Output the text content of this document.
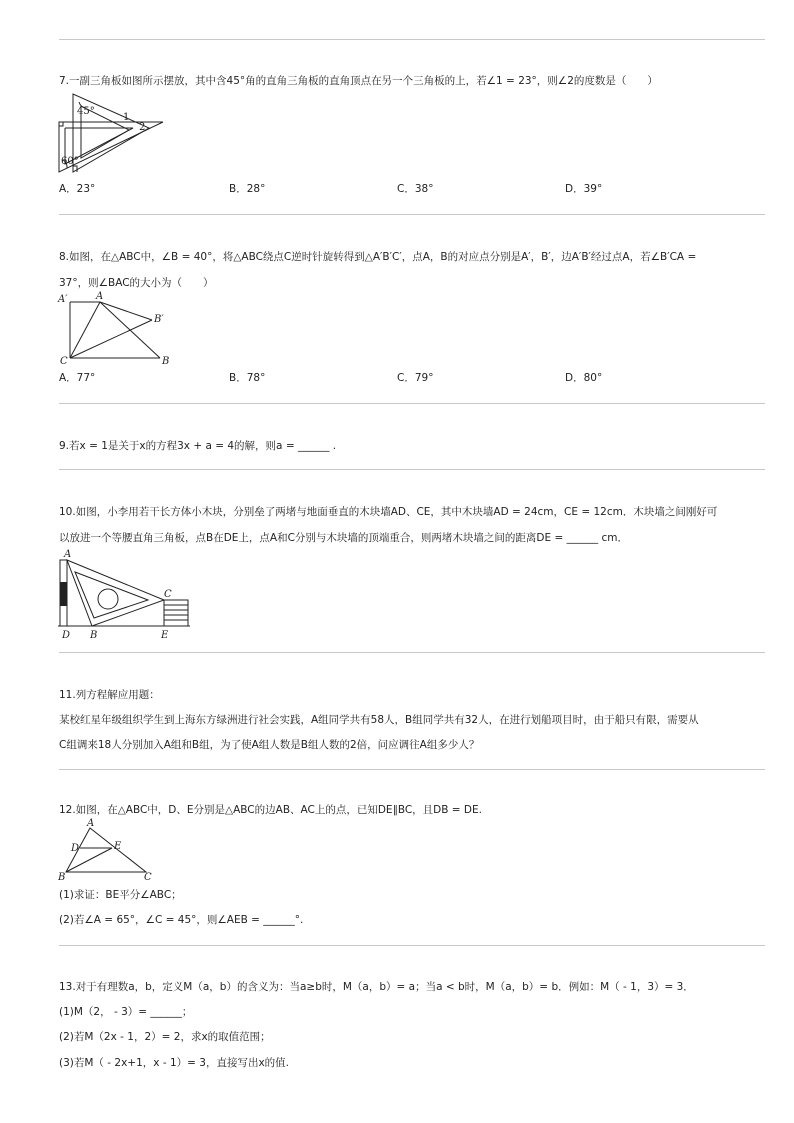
7.一副三角板如图所示摆放，其中含45°角的直角三角板的直角顶点在另一个三角板的上，若∠1 = 23°，则∠2的度数是（　　）
45°
60°
1
2
A．23°	B．28°	C．38°	D．39°
8.如图，在△ABC中，∠B = 40°，将△ABC绕点C逆时针旋转得到△A′B′C′，点A，B的对应点分别是A′，B′，边A′B′经过点A，若∠B′CA =
37°，则∠BAC的大小为（　　）
A′	A
B′
C	B
A．77°	B．78°	C．79°	D．80°
9.若x = 1是关于x的方程3x + a = 4的解，则a = ______ .
10.如图，小李用若干长方体小木块，分别垒了两堵与地面垂直的木块墙AD、CE，其中木块墙AD = 24cm，CE = 12cm．木块墙之间刚好可
以放进一个等腰直角三角板，点B在DE上，点A和C分别与木块墙的顶端重合，则两堵木块墙之间的距离DE = ______ cm．
A
C
D B	E
11.列方程解应用题：
某校红星年级组织学生到上海东方绿洲进行社会实践，A组同学共有58人，B组同学共有32人，在进行划船项目时，由于船只有限，需要从
C组调来18人分别加入A组和B组，为了使A组人数是B组人数的2倍，问应调往A组多少人？
12.如图，在△ABC中，D、E分别是△ABC的边AB、AC上的点，已知DE∥BC，且DB = DE.
A
D	E
B	C
(1)求证：BE平分∠ABC；
(2)若∠A = 65°，∠C = 45°，则∠AEB = ______°.
13.对于有理数a，b，定义M（a，b）的含义为：当a≥b时，M（a，b）= a；当a < b时，M（a，b）= b．例如：M（ - 1，3）= 3．
(1)M（2， - 3）= ______；
(2)若M（2x - 1，2）= 2，求x的取值范围；
(3)若M（ - 2x+1，x - 1）= 3，直接写出x的值.
